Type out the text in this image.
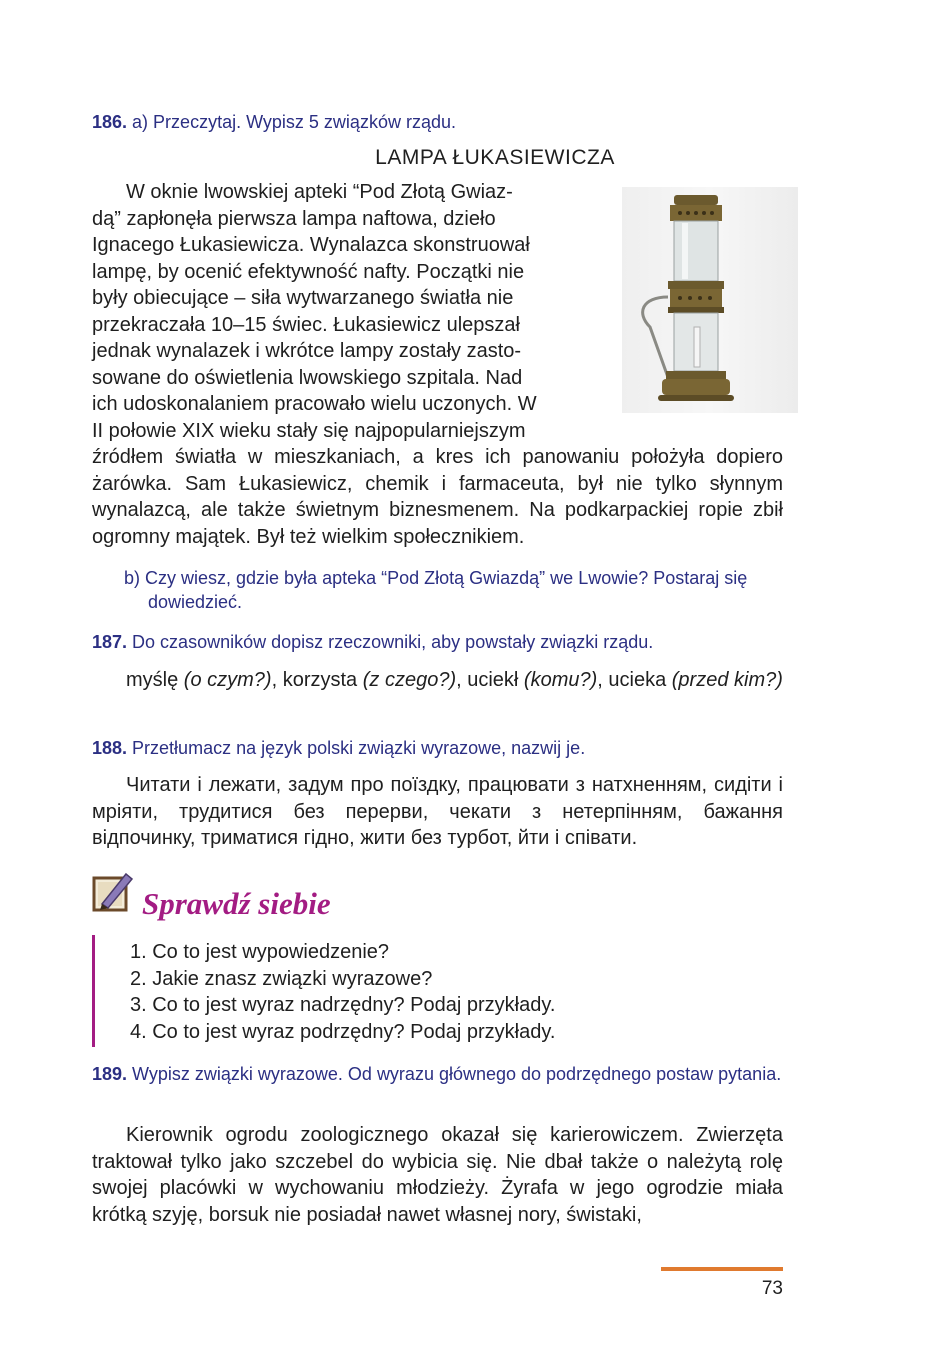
186. a) Przeczytaj. Wypisz 5 związków rządu.
LAMPA ŁUKASIEWICZA
W oknie lwowskiej apteki “Pod Złotą Gwiaz-
dą” zapłonęła pierwsza lampa naftowa, dzieło
Ignacego Łukasiewicza. Wynalazca skonstruował
lampę, by ocenić efektywność nafty. Początki nie
były obiecujące – siła wytwarzanego światła nie
przekraczała 10–15 świec. Łukasiewicz ulepszał
jednak wynalazek i wkrótce lampy zostały zasto-
sowane do oświetlenia lwowskiego szpitala. Nad
ich udoskonalaniem pracowało wielu uczonych. W
II połowie XIX wieku stały się najpopularniejszym
źródłem światła w mieszkaniach, a kres ich panowaniu położyła dopiero żarówka. Sam Łukasiewicz, chemik i farmaceuta, był nie tylko słynnym wynalazcą, ale także świetnym biznesmenem. Na podkarpackiej ropie zbił ogromny majątek. Był też wielkim społecznikiem.
b) Czy wiesz, gdzie była apteka “Pod Złotą Gwiazdą” we Lwowie? Postaraj się dowiedzieć.
187. Do czasowników dopisz rzeczowniki, aby powstały związki rządu.
myślę (o czym?), korzysta (z czego?), uciekł (komu?), ucieka (przed kim?)
188. Przetłumacz na język polski związki wyrazowe, nazwij je.
Читати і лежати, задум про поїздку, працювати з натхненням, сидіти і мріяти, трудитися без перерви, чекати з нетерпінням, бажання відпочинку, триматися гідно, жити без турбот, йти і співати.
Sprawdź siebie
1. Co to jest wypowiedzenie?
2. Jakie znasz związki wyrazowe?
3. Co to jest wyraz nadrzędny? Podaj przykłady.
4. Co to jest wyraz podrzędny? Podaj przykłady.
189. Wypisz związki wyrazowe. Od wyrazu głównego do podrzędnego postaw pytania.
Kierownik ogrodu zoologicznego okazał się karierowiczem. Zwierzęta traktował tylko jako szczebel do wybicia się. Nie dbał także o należytą rolę swojej placówki w wychowaniu młodzieży. Żyrafa w jego ogrodzie miała krótką szyję, borsuk nie posiadał nawet własnej nory, świstaki,
73
